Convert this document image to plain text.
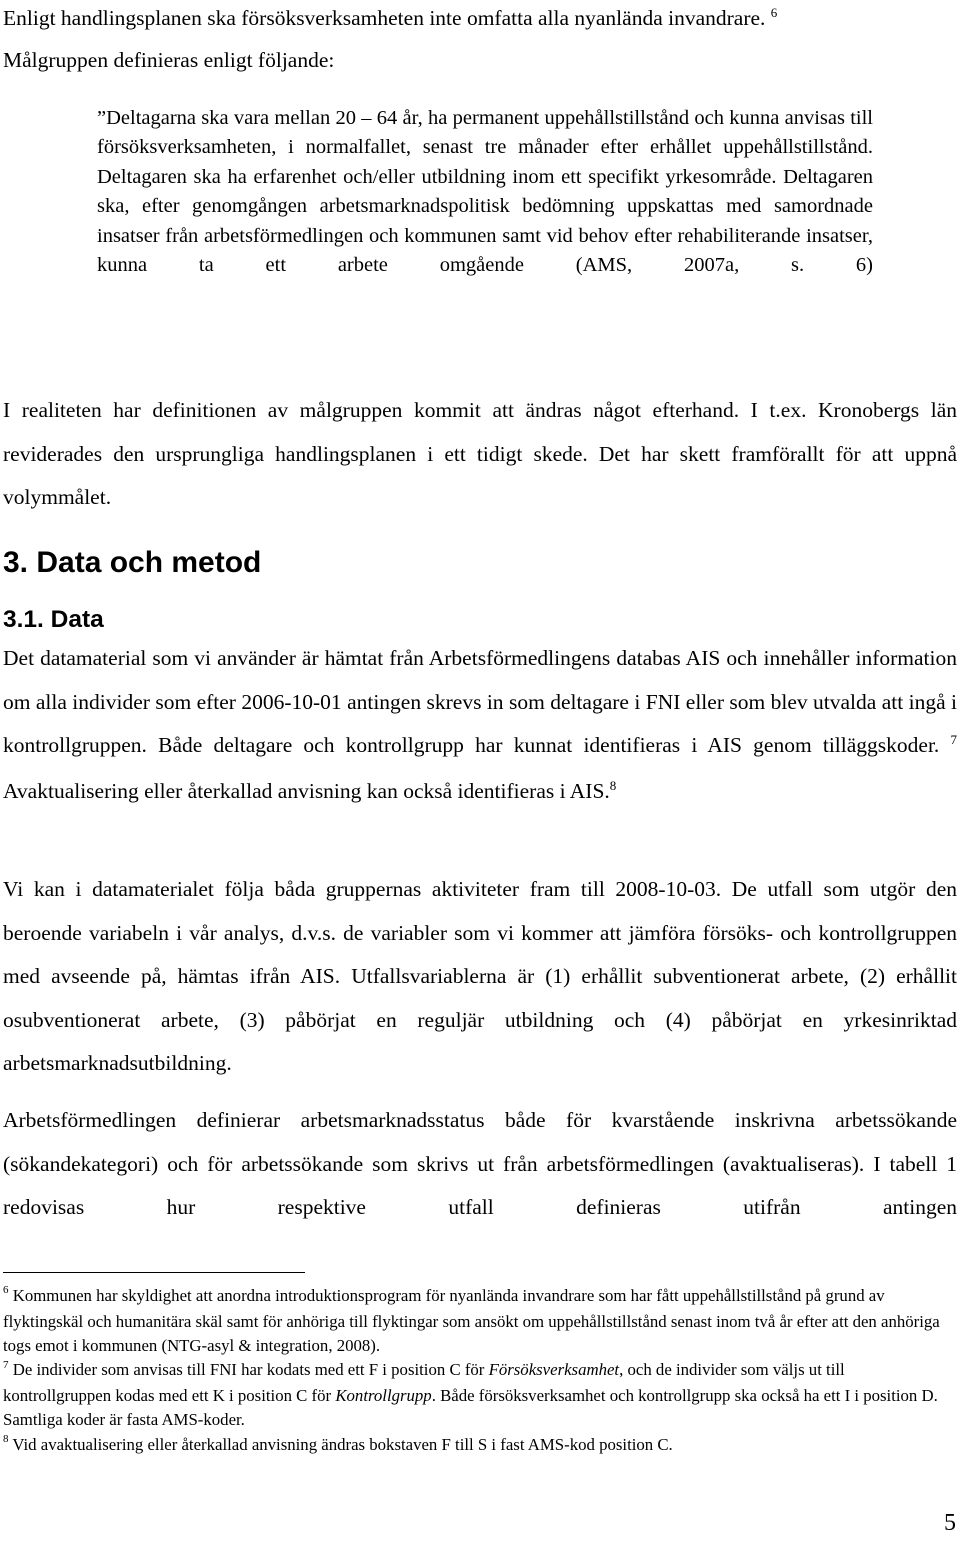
Enligt handlingsplanen ska försöksverksamheten inte omfatta alla nyanlända invandrare. $^6$

Målgruppen definieras enligt följande:

”Deltagarna ska vara mellan 20 – 64 år, ha permanent uppehållstillstånd och kunna anvisas till försöksverksamheten, i normalfallet, senast tre månader efter erhållet uppehållstillstånd. Deltagaren ska ha erfarenhet och/eller utbildning inom ett specifikt yrkesområde. Deltagaren ska, efter genomgången arbetsmarknadspolitisk bedömning uppskattas med samordnade insatser från arbetsförmedlingen och kommunen samt vid behov efter rehabiliterande insatser, kunna ta ett arbete omgående (AMS, 2007a, s. 6)

I realiteten har definitionen av målgruppen kommit att ändras något efterhand. I t.ex. Kronobergs län reviderades den ursprungliga handlingsplanen i ett tidigt skede. Det har skett framförallt för att uppnå volymmålet.

3. Data och metod
3.1. Data

Det datamaterial som vi använder är hämtat från Arbetsförmedlingens databas AIS och innehåller information om alla individer som efter 2006-10-01 antingen skrevs in som deltagare i FNI eller som blev utvalda att ingå i kontrollgruppen. Både deltagare och kontrollgrupp har kunnat identifieras i AIS genom tilläggskoder. $^7$ Avaktualisering eller återkallad anvisning kan också identifieras i AIS.$^8$

Vi kan i datamaterialet följa båda gruppernas aktiviteter fram till 2008-10-03. De utfall som utgör den beroende variabeln i vår analys, d.v.s. de variabler som vi kommer att jämföra försöks- och kontrollgruppen med avseende på, hämtas ifrån AIS. Utfallsvariablerna är (1) erhållit subventionerat arbete, (2) erhållit osubventionerat arbete, (3) påbörjat en reguljär utbildning och (4) påbörjat en yrkesinriktad arbetsmarknadsutbildning.

Arbetsförmedlingen definierar arbetsmarknadsstatus både för kvarstående inskrivna arbetssökande (sökandekategori) och för arbetssökande som skrivs ut från arbetsförmedlingen (avaktualiseras). I tabell 1 redovisas hur respektive utfall definieras utifrån antingen

$^6$ Kommunen har skyldighet att anordna introduktionsprogram för nyanlända invandrare som har fått uppehållstillstånd på grund av flyktingskäl och humanitära skäl samt för anhöriga till flyktingar som ansökt om uppehållstillstånd senast inom två år efter att den anhöriga togs emot i kommunen (NTG-asyl & integration, 2008).

$^7$ De individer som anvisas till FNI har kodats med ett F i position C för Försöksverksamhet, och de individer som väljs ut till kontrollgruppen kodas med ett K i position C för Kontrollgrupp. Både försöksverksamhet och kontrollgrupp ska också ha ett I i position D. Samtliga koder är fasta AMS-koder.

$^8$ Vid avaktualisering eller återkallad anvisning ändras bokstaven F till S i fast AMS-kod position C.

5
